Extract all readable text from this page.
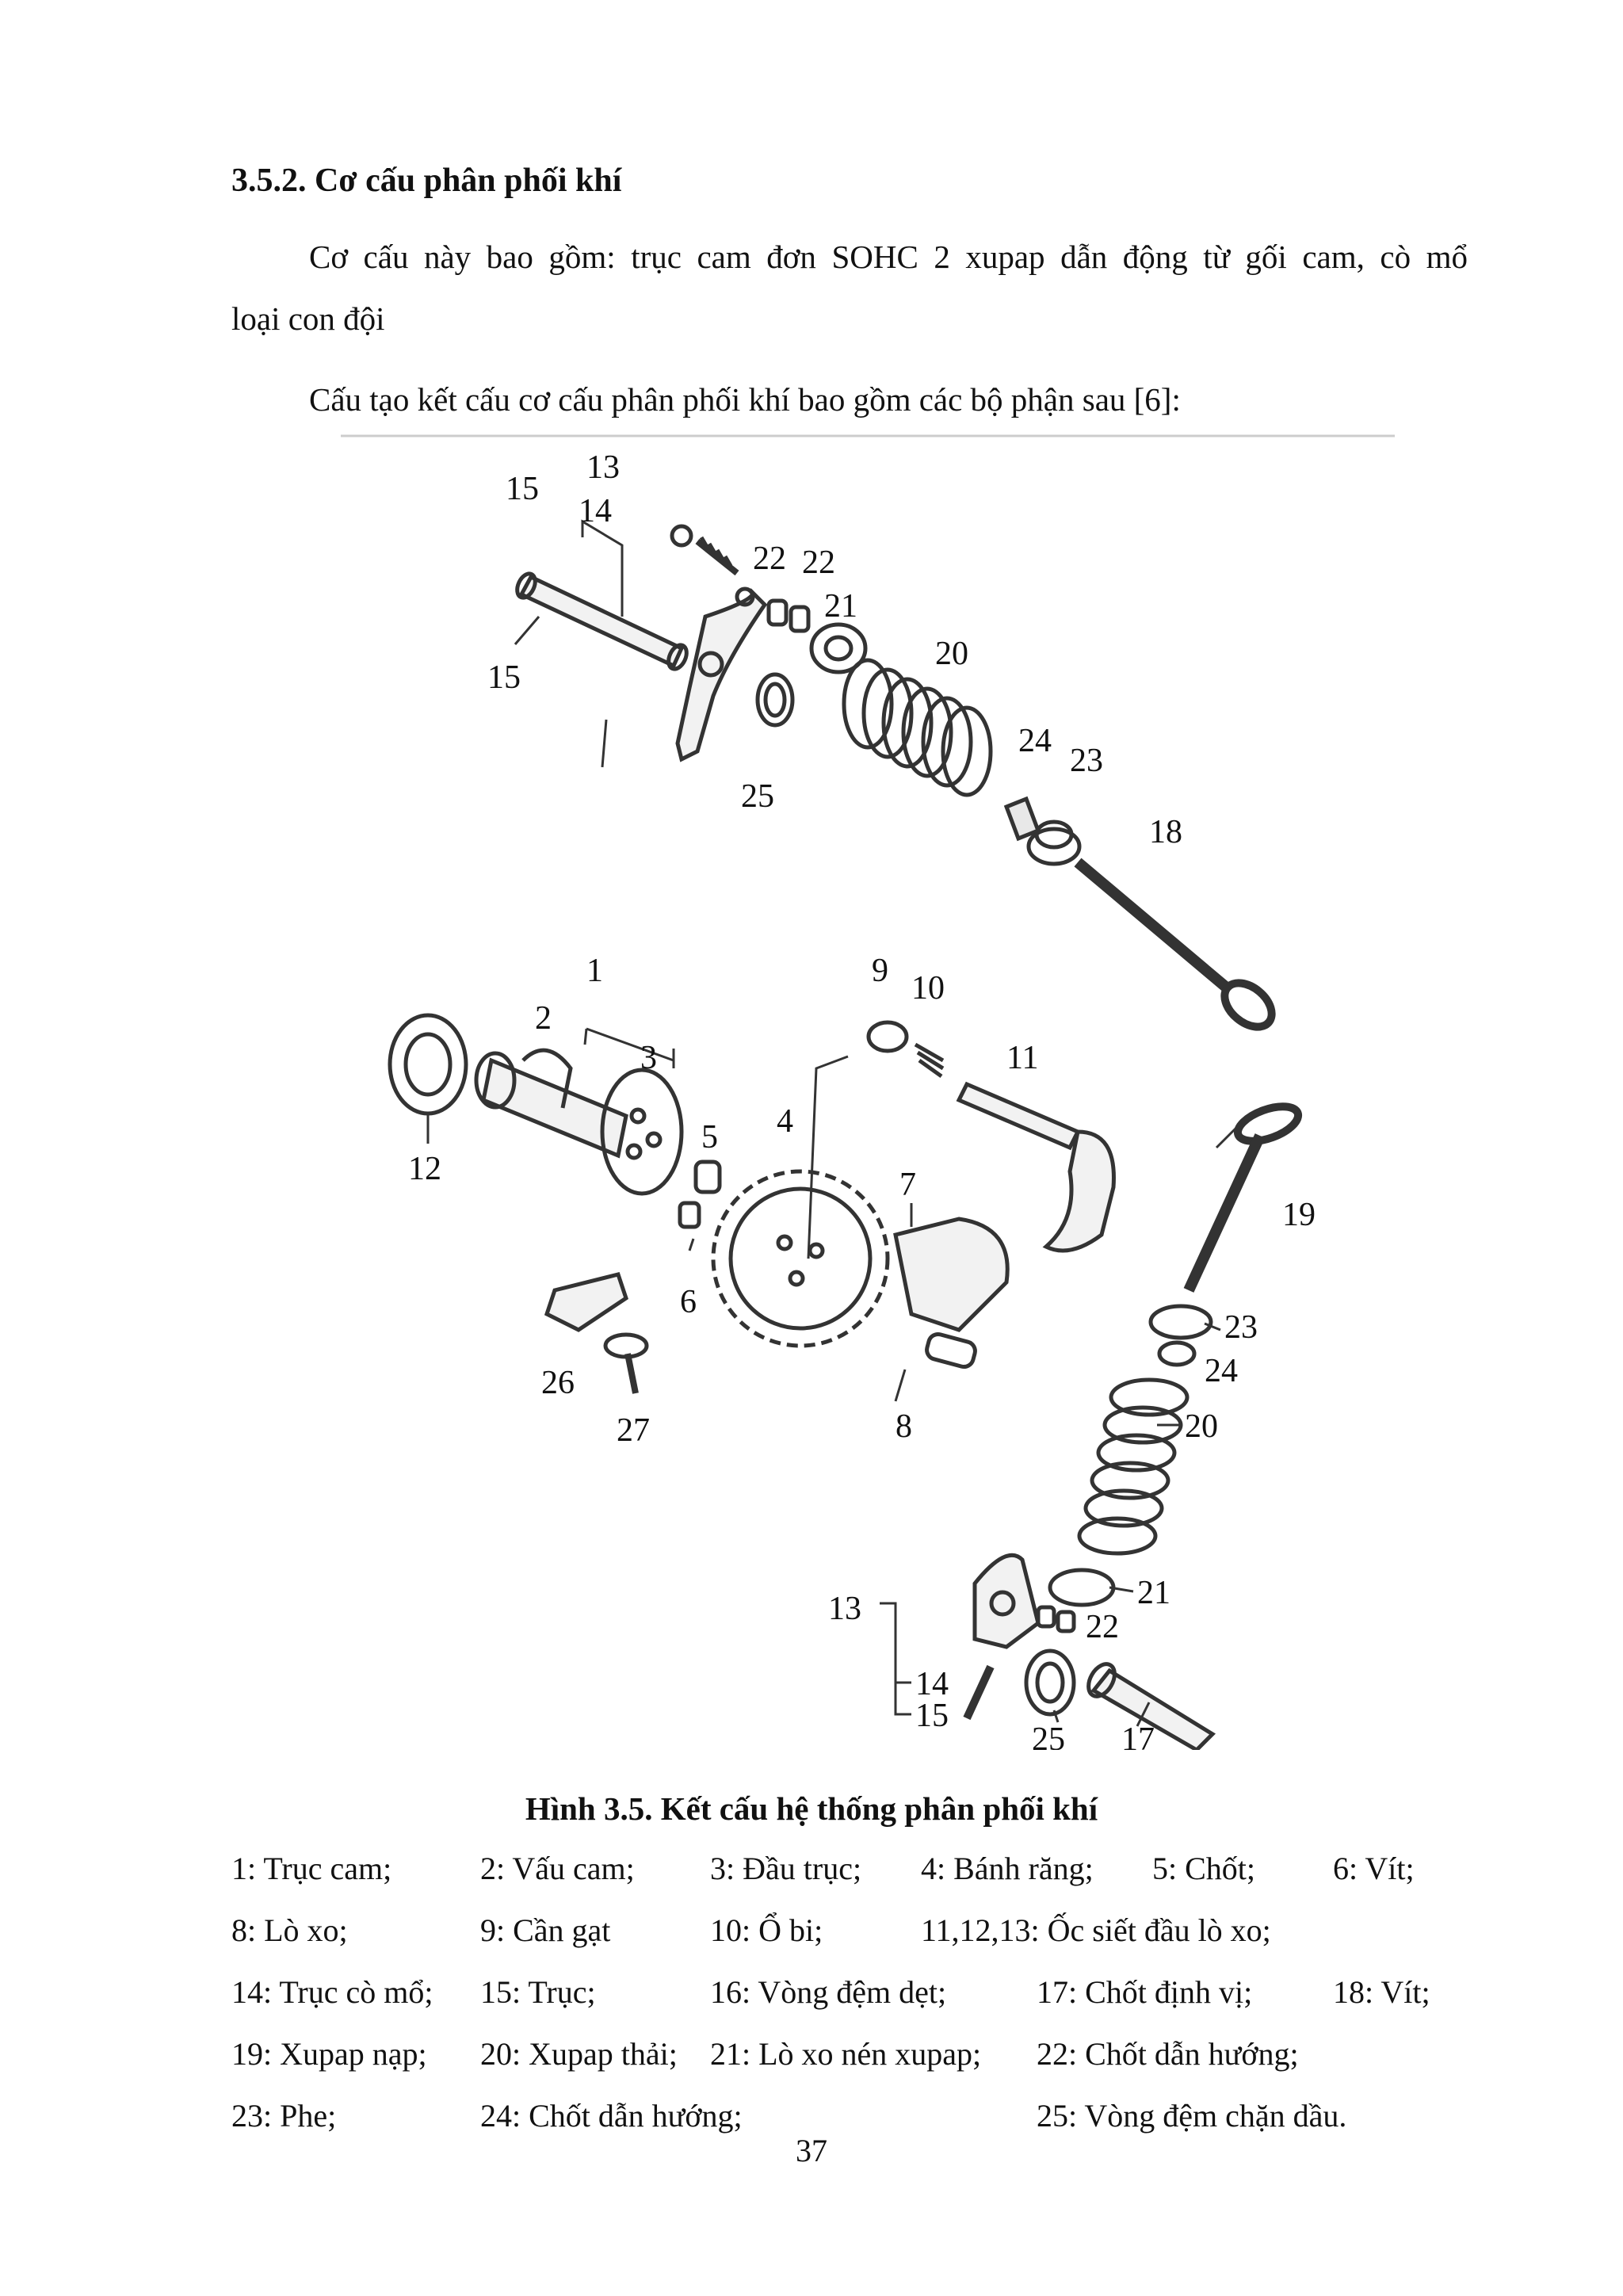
3.5.2. Cơ cấu phân phối khí
Cơ cấu này bao gồm: trục cam đơn SOHC 2 xupap dẫn động từ gối cam, cò mổ
loại con đội
Cấu tạo kết cấu cơ cấu phân phối khí bao gồm các bộ phận sau [6]:
13
15
14
22 22
21
15
20
25
24
23
18
1	9 10
2
3	11
12
4
5
7
19
6
23
26	24
8
27	20
21
22
13
14
15
25 17
Hình 3.5. Kết cấu hệ thống phân phối khí
1: Trục cam;	2: Vấu cam; 3: Đầu trục; 4: Bánh răng; 5: Chốt; 6: Vít;
8: Lò xo;	9: Cần gạt	10: Ổ bi;	11,12,13: Ốc siết đầu lò xo;
14: Trục cò mổ; 15: Trục;	16: Vòng đệm dẹt;	17: Chốt định vị;	18: Vít;
19: Xupap nạp; 20: Xupap thải; 21: Lò xo nén xupap; 22: Chốt dẫn hướng;
23: Phe;	24: Chốt dẫn hướng;	25: Vòng đệm chặn dầu.
37
